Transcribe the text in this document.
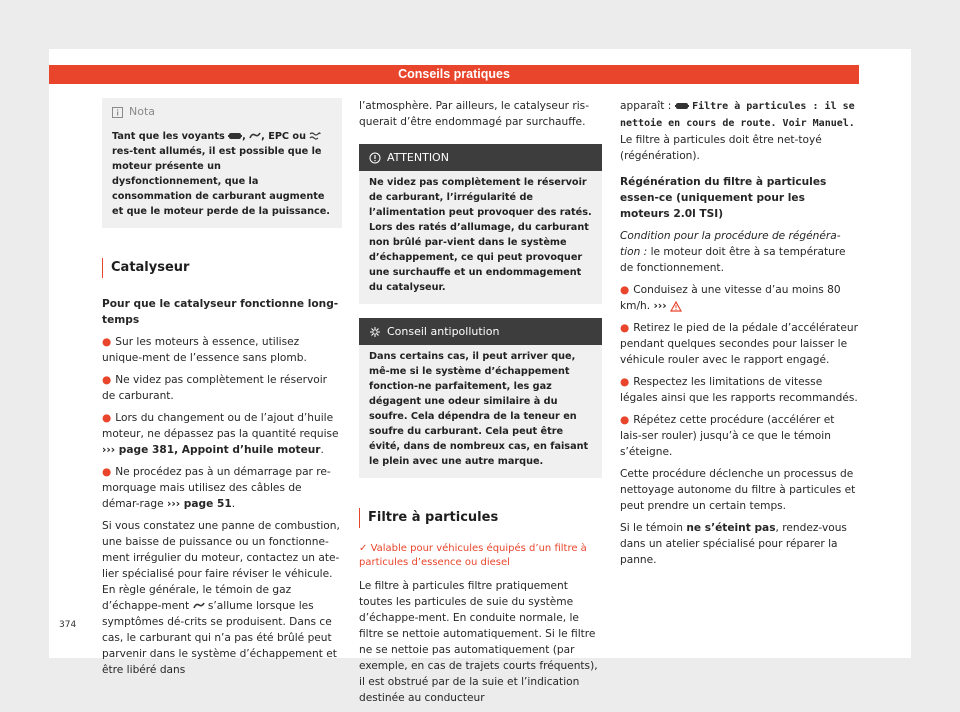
Conseils pratiques
Nota
Tant que les voyants , , EPC ou  res-tent allumés, il est possible que le moteur présente un dysfonctionnement, que la consommation de carburant augmente et que le moteur perde de la puissance.
Catalyseur

Pour que le catalyseur fonctionne long-temps

● Sur les moteurs à essence, utilisez unique-ment de l’essence sans plomb.

● Ne videz pas complètement le réservoir de carburant.

● Lors du changement ou de l’ajout d’huile moteur, ne dépassez pas la quantité requise ››› page 381, Appoint d’huile moteur.

● Ne procédez pas à un démarrage par re-morquage mais utilisez des câbles de démar-rage ››› page 51.

Si vous constatez une panne de combustion, une baisse de puissance ou un fonctionne-ment irrégulier du moteur, contactez un ate-lier spécialisé pour faire réviser le véhicule. En règle générale, le témoin de gaz d’échappe-ment  s’allume lorsque les symptômes dé-crits se produisent. Dans ce cas, le carburant qui n’a pas été brûlé peut parvenir dans le système d’échappement et être libéré dans

l’atmosphère. Par ailleurs, le catalyseur ris-querait d’être endommagé par surchauffe.

ATTENTION
Ne videz pas complètement le réservoir de carburant, l’irrégularité de l’alimentation peut provoquer des ratés. Lors des ratés d’allumage, du carburant non brûlé par-vient dans le système d’échappement, ce qui peut provoquer une surchauffe et un endommagement du catalyseur.
Conseil antipollution
Dans certains cas, il peut arriver que, mê-me si le système d’échappement fonction-ne parfaitement, les gaz dégagent une odeur similaire à du soufre. Cela dépendra de la teneur en soufre du carburant. Cela peut être évité, dans de nombreux cas, en faisant le plein avec une autre marque.
Filtre à particules
✓ Valable pour véhicules équipés d’un filtre à particules d’essence ou diesel

Le filtre à particules filtre pratiquement toutes les particules de suie du système d’échappe-ment. En conduite normale, le filtre se nettoie automatiquement. Si le filtre ne se nettoie pas automatiquement (par exemple, en cas de trajets courts fréquents), il est obstrué par de la suie et l’indication destinée au conducteur

apparaît :  Filtre à particules : il se nettoie en cours de route. Voir Manuel. Le filtre à particules doit être net-toyé (régénération).

Régénération du filtre à particules essen-ce (uniquement pour les moteurs 2.0l TSI)

Condition pour la procédure de régénéra-tion : le moteur doit être à sa température de fonctionnement.

● Conduisez à une vitesse d’au moins 80 km/h. ›››

● Retirez le pied de la pédale d’accélérateur pendant quelques secondes pour laisser le véhicule rouler avec le rapport engagé.

● Respectez les limitations de vitesse légales ainsi que les rapports recommandés.

● Répétez cette procédure (accélérer et lais-ser rouler) jusqu’à ce que le témoin s’éteigne.

Cette procédure déclenche un processus de nettoyage autonome du filtre à particules et peut prendre un certain temps.

Si le témoin ne s’éteint pas, rendez-vous dans un atelier spécialisé pour réparer la panne.

374
